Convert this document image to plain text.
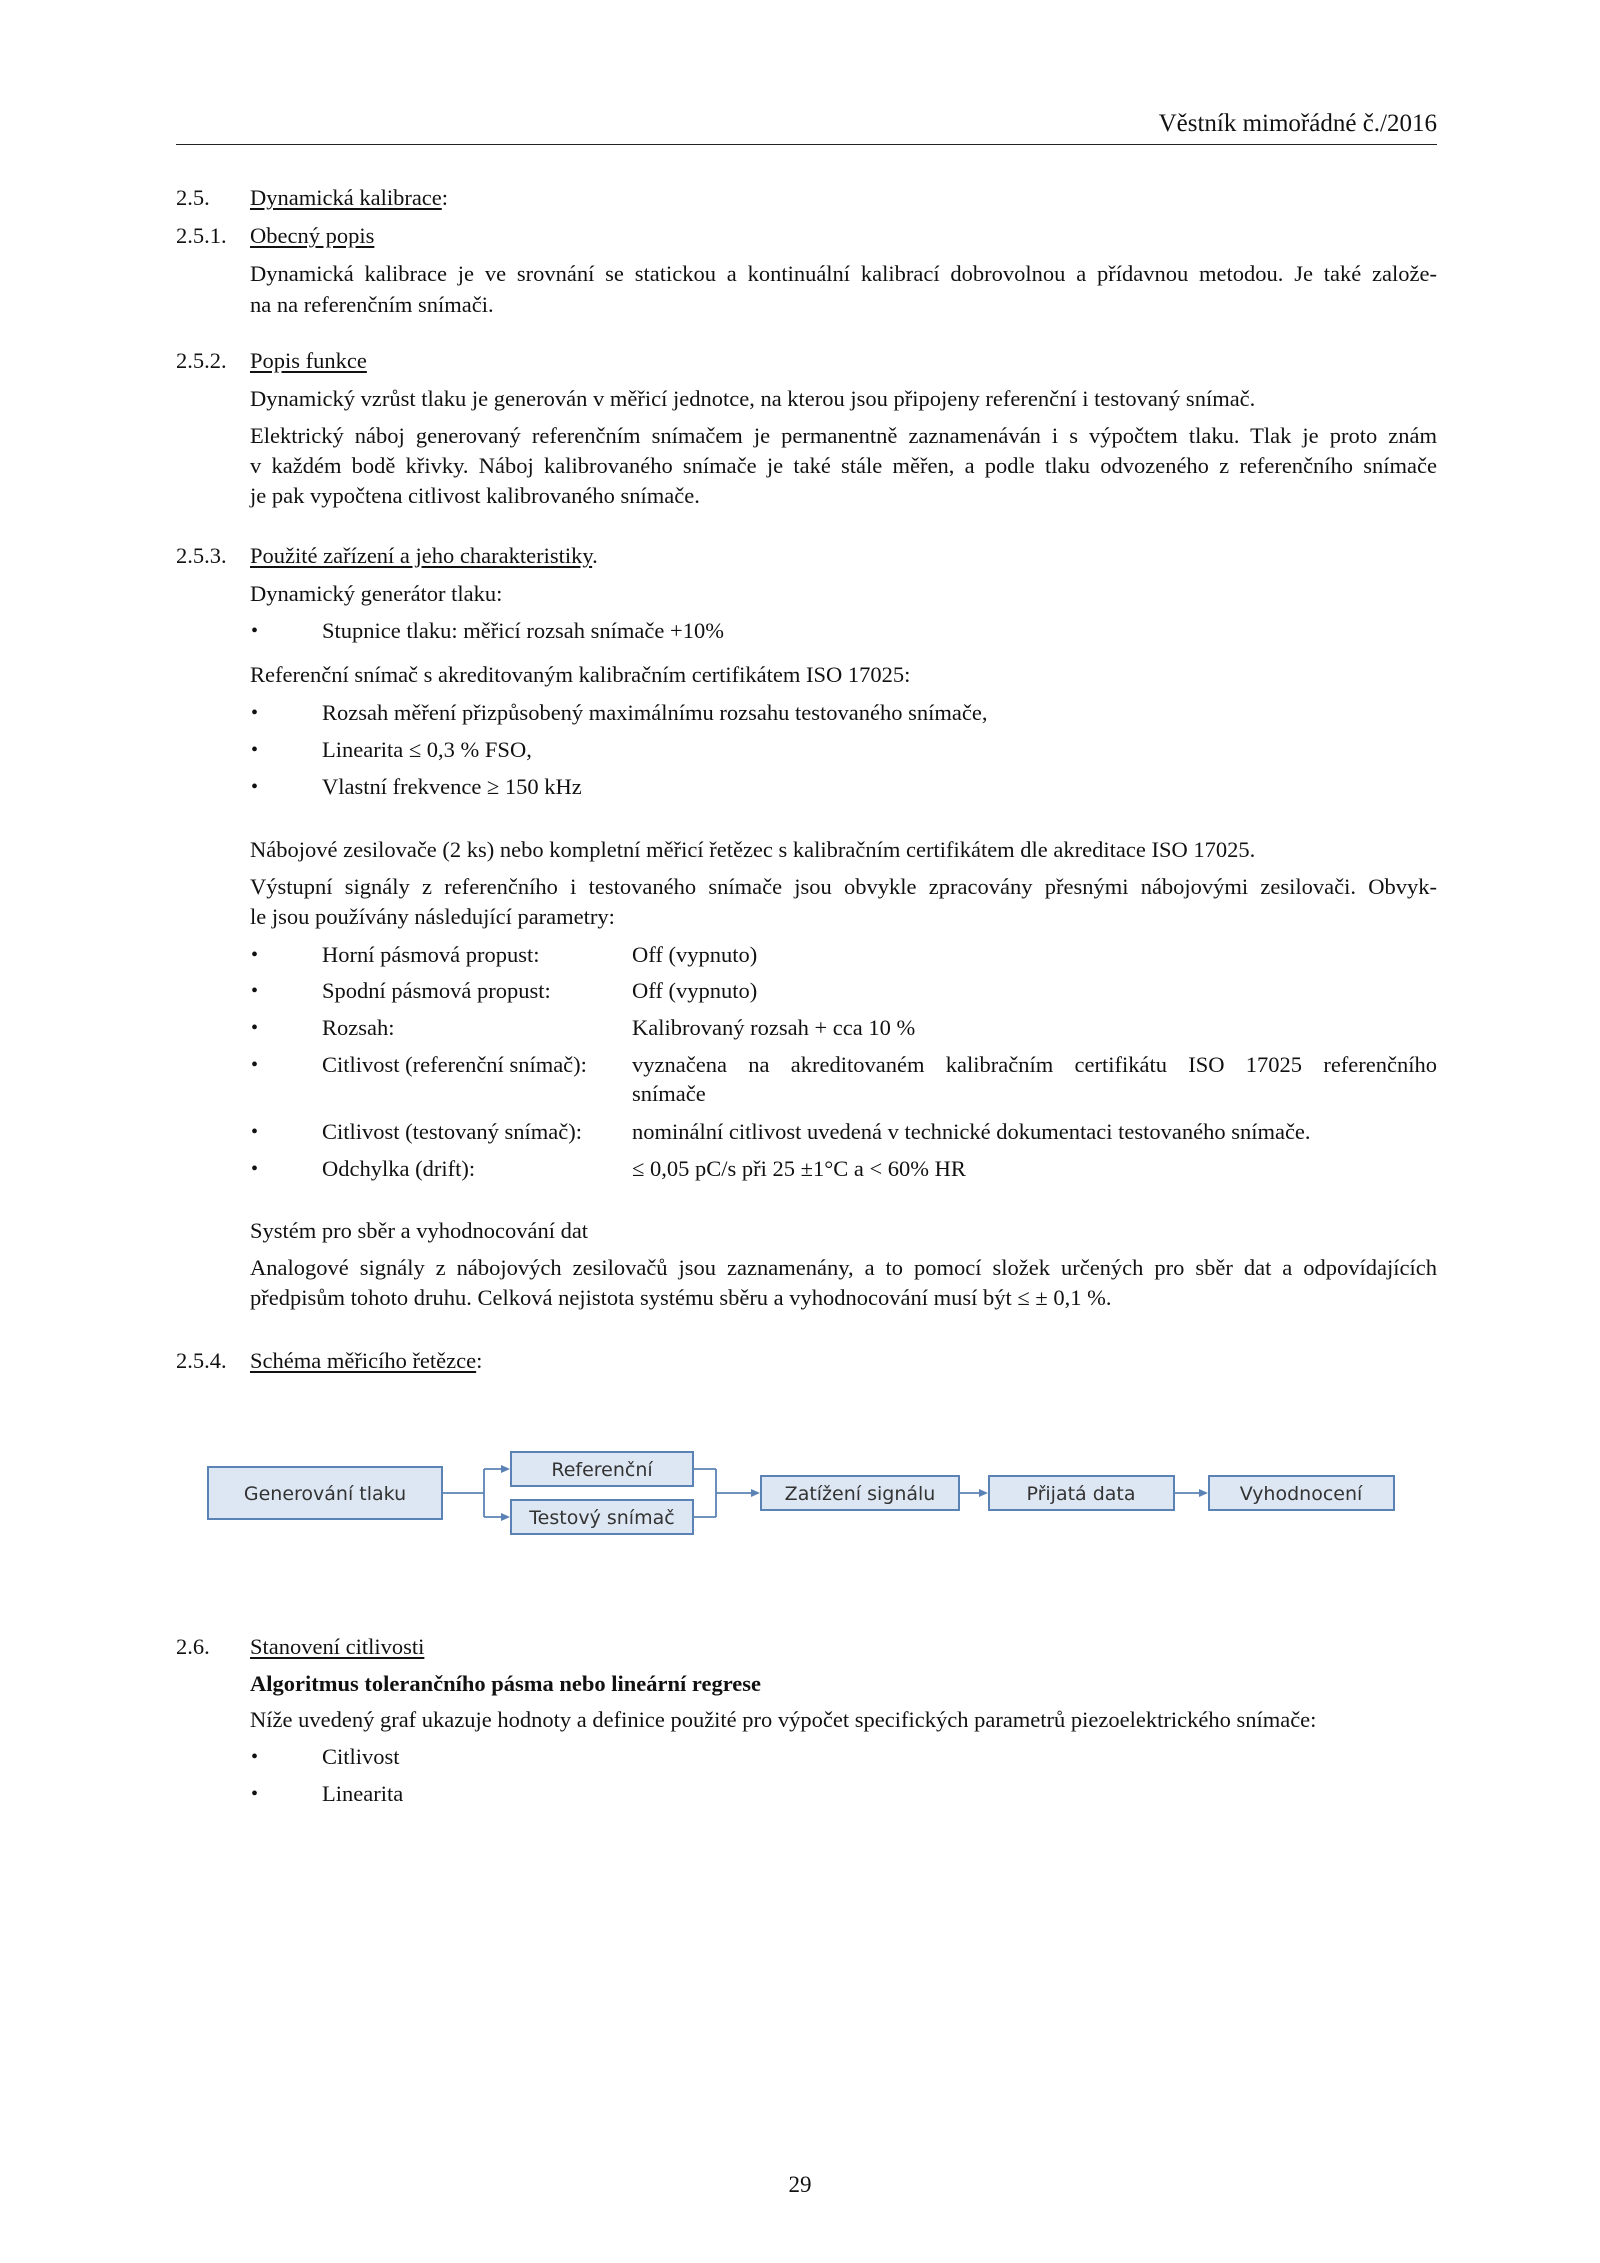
Věstník mimořádné č./2016
2.5. Dynamická kalibrace:
2.5.1. Obecný popis
Dynamická kalibrace je ve srovnání se statickou a kontinuální kalibrací dobrovolnou a přídavnou metodou. Je také založe-
na na referenčním snímači.
2.5.2. Popis funkce
Dynamický vzrůst tlaku je generován v měřicí jednotce, na kterou jsou připojeny referenční i testovaný snímač.
Elektrický náboj generovaný referenčním snímačem je permanentně zaznamenáván i s výpočtem tlaku. Tlak je proto znám
v každém bodě křivky. Náboj kalibrovaného snímače je také stále měřen, a podle tlaku odvozeného z referenčního snímače
je pak vypočtena citlivost kalibrovaného snímače.
2.5.3. Použité zařízení a jeho charakteristiky.
Dynamický generátor tlaku:
•	Stupnice tlaku: měřicí rozsah snímače +10%
Referenční snímač s akreditovaným kalibračním certifikátem ISO 17025:
•	Rozsah měření přizpůsobený maximálnímu rozsahu testovaného snímače,
•	Linearita ≤ 0,3 % FSO,
•	Vlastní frekvence ≥ 150 kHz
Nábojové zesilovače (2 ks) nebo kompletní měřicí řetězec s kalibračním certifikátem dle akreditace ISO 17025.
Výstupní signály z referenčního i testovaného snímače jsou obvykle zpracovány přesnými nábojovými zesilovači. Obvyk-
le jsou používány následující parametry:
•	Horní pásmová propust:	Off (vypnuto)
•	Spodní pásmová propust:	Off (vypnuto)
•	Rozsah:	Kalibrovaný rozsah + cca 10 %
•	Citlivost (referenční snímač): vyznačena na akreditovaném kalibračním certifikátu ISO 17025 referenčního
snímače
•	Citlivost (testovaný snímač): nominální citlivost uvedená v technické dokumentaci testovaného snímače.
•	Odchylka (drift):	≤ 0,05 pC/s při 25 ±1°C a < 60% HR
Systém pro sběr a vyhodnocování dat
Analogové signály z nábojových zesilovačů jsou zaznamenány, a to pomocí složek určených pro sběr dat a odpovídajících
předpisům tohoto druhu. Celková nejistota systému sběru a vyhodnocování musí být ≤ ± 0,1 %.
2.5.4. Schéma měřicího řetězce:
Generování tlaku
Referenční
Testový snímač
Zatížení signálu	Přijatá data	Vyhodnocení
2.6. Stanovení citlivosti
Algoritmus tolerančního pásma nebo lineární regrese
Níže uvedený graf ukazuje hodnoty a definice použité pro výpočet specifických parametrů piezoelektrického snímače:
•	Citlivost
•	Linearita
29
